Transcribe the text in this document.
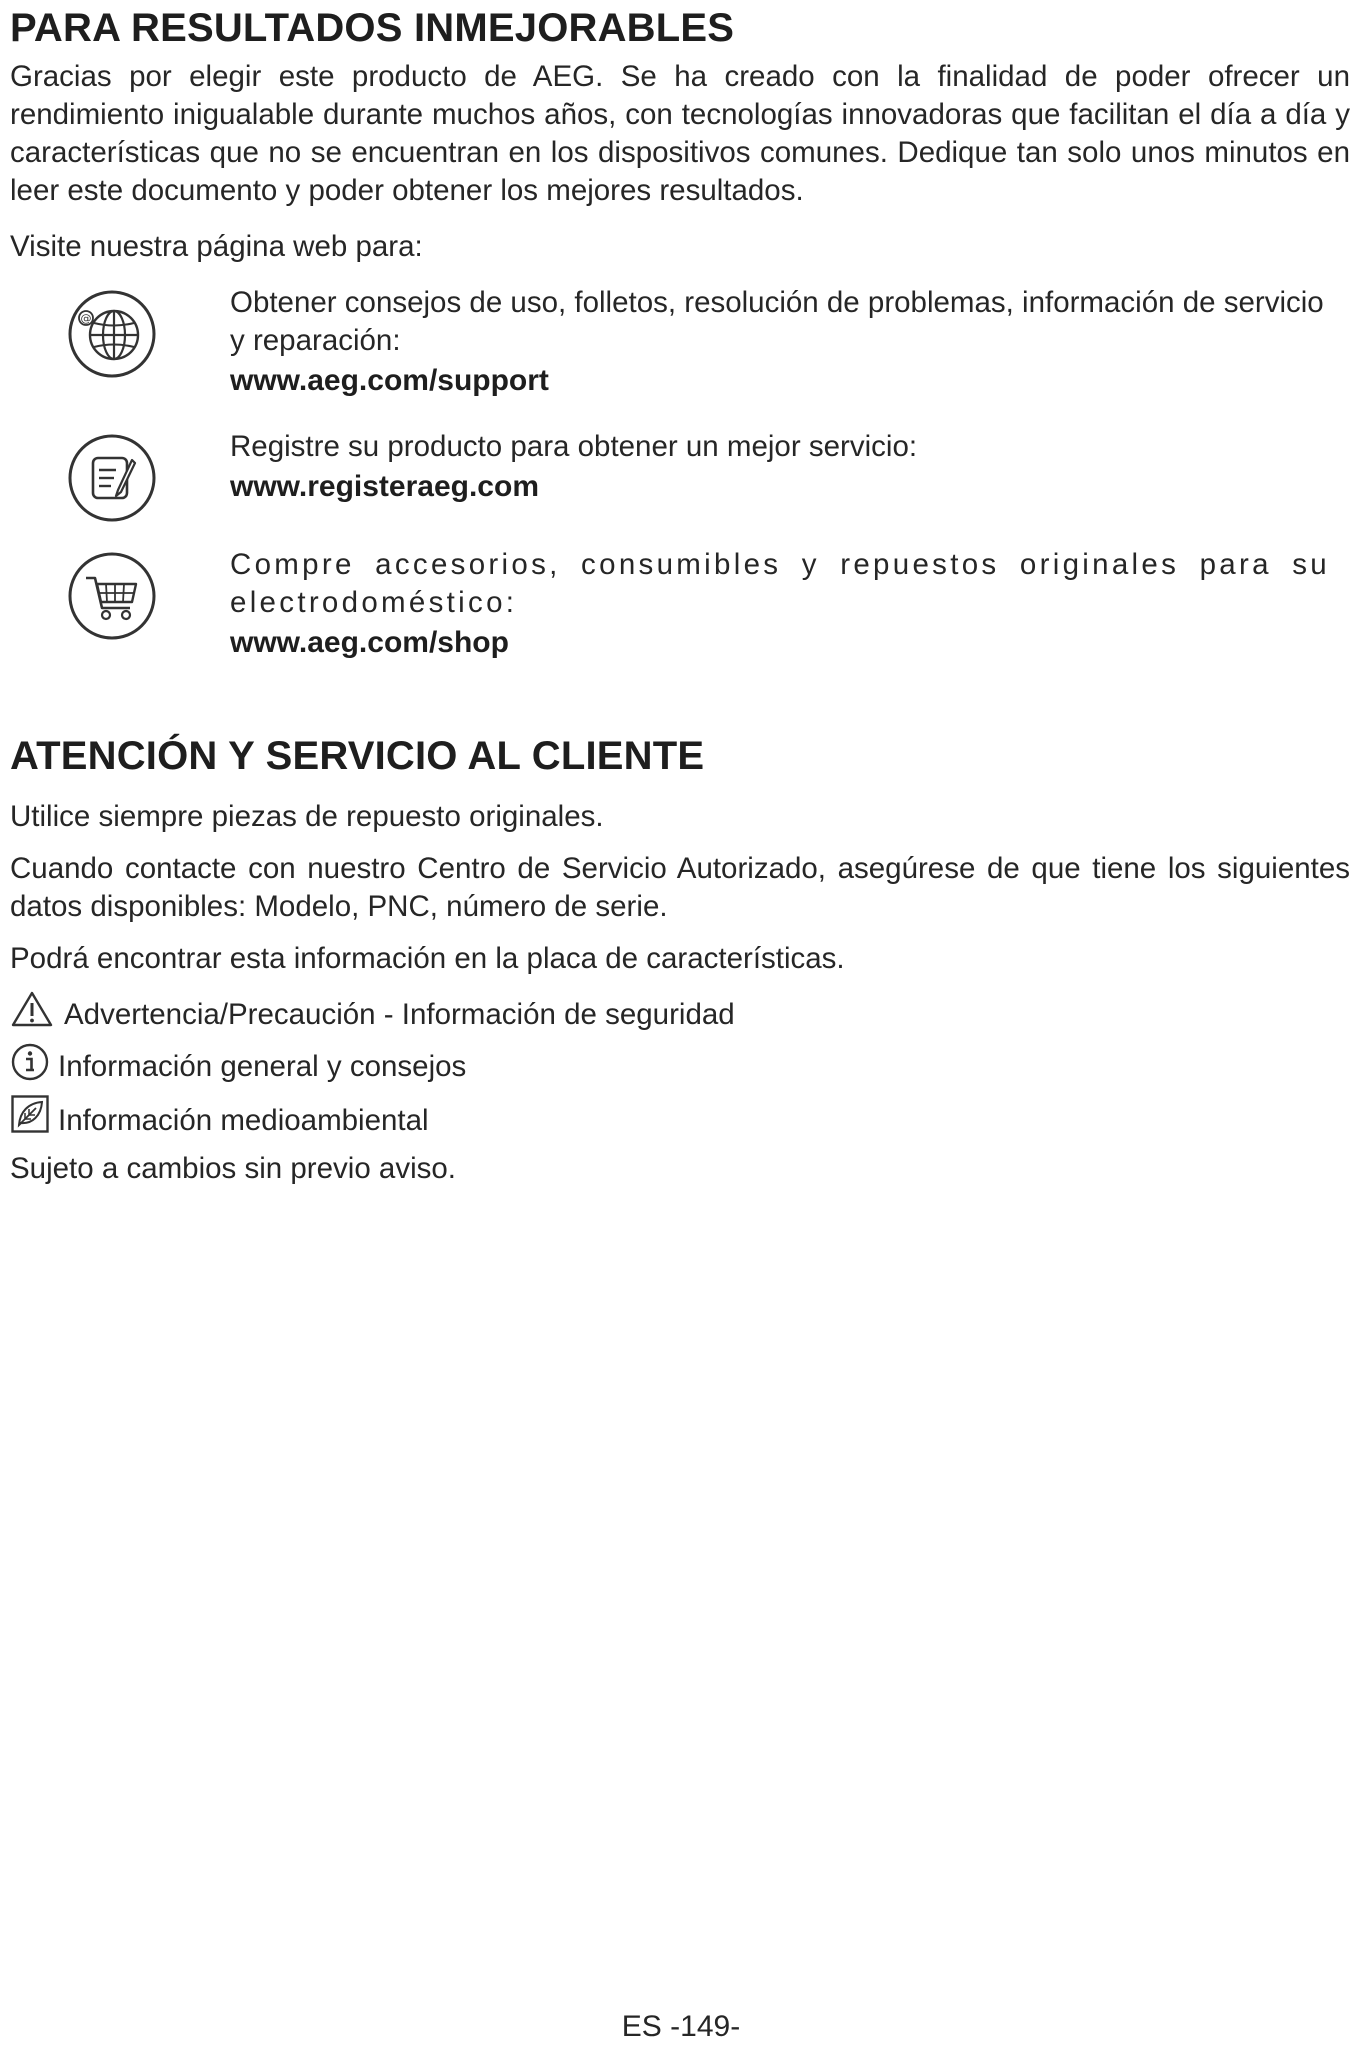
PARA RESULTADOS INMEJORABLES

Gracias por elegir este producto de AEG. Se ha creado con la finalidad de poder ofrecer un rendimiento inigualable durante muchos años, con tecnologías innovadoras que facilitan el día a día y características que no se encuentran en los dispositivos comunes. Dedique tan solo unos minutos en leer este documento y poder obtener los mejores resultados.

Visite nuestra página web para:

@	Obtener consejos de uso, folletos, resolución de problemas, información de servicio y reparación:

www.aeg.com/support

Registre su producto para obtener un mejor servicio:

www.registeraeg.com

Compre accesorios, consumibles y repuestos originales para su electrodoméstico:

www.aeg.com/shop

ATENCIÓN Y SERVICIO AL CLIENTE

Utilice siempre piezas de repuesto originales.

Cuando contacte con nuestro Centro de Servicio Autorizado, asegúrese de que tiene los siguientes datos disponibles: Modelo, PNC, número de serie.

Podrá encontrar esta información en la placa de características.

Advertencia/Precaución - Información de seguridad

Información general y consejos

Información medioambiental

Sujeto a cambios sin previo aviso.

ES -149-
